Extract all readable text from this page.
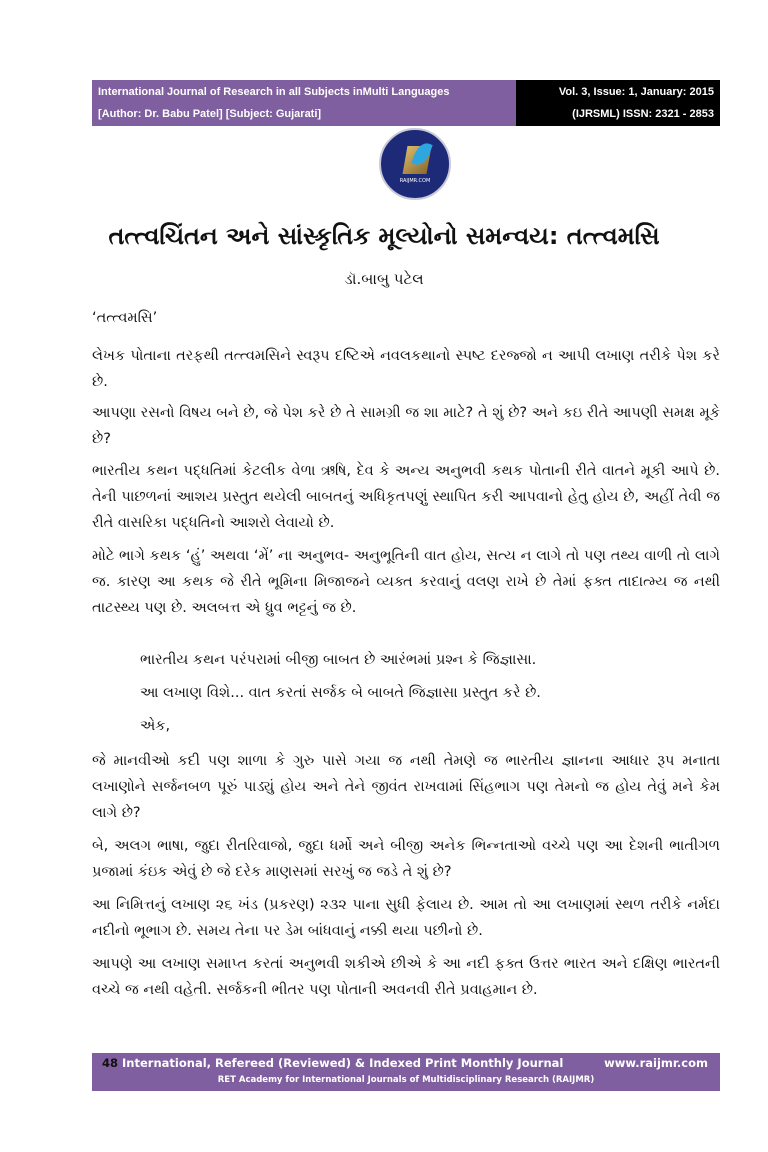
International Journal of Research in all Subjects inMulti Languages
[Author: Dr. Babu Patel] [Subject: Gujarati]
Vol. 3, Issue: 1, January: 2015
(IJRSML) ISSN: 2321 - 2853
RAIJMR.COM
તત્ત્વચિંતન અને સાંસ્કૃતિક મૂલ્યોનો સમન્વય: તત્ત્વમસિ
ડૉ.બાબુ પટેલ

‘તત્ત્વમસિ’

લેખક પોતાના તરફથી તત્ત્વમસિને સ્વરૂપ દષ્ટિએ નવલકથાનો સ્પષ્ટ દરજ્જો ન આપી લખાણ તરીકે પેશ કરે છે.

આપણા રસનો વિષય બને છે, જે પેશ કરે છે તે સામગ્રી જ શા માટે? તે શું છે? અને કઇ રીતે આપણી સમક્ષ મૂકે છે?

ભારતીય કથન પદ્ધતિમાં કેટલીક વેળા ઋષિ, દેવ કે અન્ય અનુભવી કથક પોતાની રીતે વાતને મૂકી આપે છે. તેની પાછળનાં આશય પ્રસ્તુત થયેલી બાબતનું અધિકૃતપણું સ્થાપિત કરી આપવાનો હેતુ હોય છે, અહીં તેવી જ રીતે વાસરિકા પદ્ધતિનો આશરો લેવાયો છે.

મોટે ભાગે કથક ‘હું’ અથવા ‘મેં’ ના અનુભવ- અનુભૂતિની વાત હોય, સત્ય ન લાગે તો પણ તથ્ય વાળી તો લાગે જ. કારણ આ કથક જે રીતે ભૂમિના મિજાજને વ્યક્ત કરવાનું વલણ રાખે છે તેમાં ફક્ત તાદાત્મ્ય જ નથી તાટસ્થ્ય પણ છે. અલબત્ત એ ધ્રુવ ભટ્ટનું જ છે.

ભારતીય કથન પરંપરામાં બીજી બાબત છે આરંભમાં પ્રશ્ન કે જિજ્ઞાસા.

આ લખાણ વિશે... વાત કરતાં સર્જક બે બાબતે જિજ્ઞાસા પ્રસ્તુત કરે છે.

એક,

જે માનવીઓ કદી પણ શાળા કે ગુરુ પાસે ગયા જ નથી તેમણે જ ભારતીય જ્ઞાનના આધાર રૂપ મનાતા લખાણોને સર્જનબળ પૂરું પાડ્યું હોય અને તેને જીવંત રાખવામાં સિંહભાગ પણ તેમનો જ હોય તેવું મને કેમ લાગે છે?

બે, અલગ ભાષા, જુદા રીતરિવાજો, જુદા ધર્મો અને બીજી અનેક ભિન્નતાઓ વચ્ચે પણ આ દેશની ભાતીગળ પ્રજામાં કંઇક એવું છે જે દરેક માણસમાં સરખું જ જડે તે શું છે?

આ નિમિત્તનું લખાણ ૨૬ ખંડ (પ્રકરણ) ૨૩૨ પાના સુધી ફેલાય છે. આમ તો આ લખાણમાં સ્થળ તરીકે નર્મદા નદીનો ભૂભાગ છે. સમય તેના પર ડેમ બાંધવાનું નક્કી થયા પછીનો છે.

આપણે આ લખાણ સમાપ્ત કરતાં અનુભવી શકીએ છીએ કે આ નદી ફક્ત ઉત્તર ભારત અને દક્ષિણ ભારતની વચ્ચે જ નથી વહેતી. સર્જકની ભીતર પણ પોતાની અવનવી રીતે પ્રવાહમાન છે.

48 International, Refereed (Reviewed) & Indexed Print Monthly Journal	www.raijmr.com
RET Academy for International Journals of Multidisciplinary Research (RAIJMR)
